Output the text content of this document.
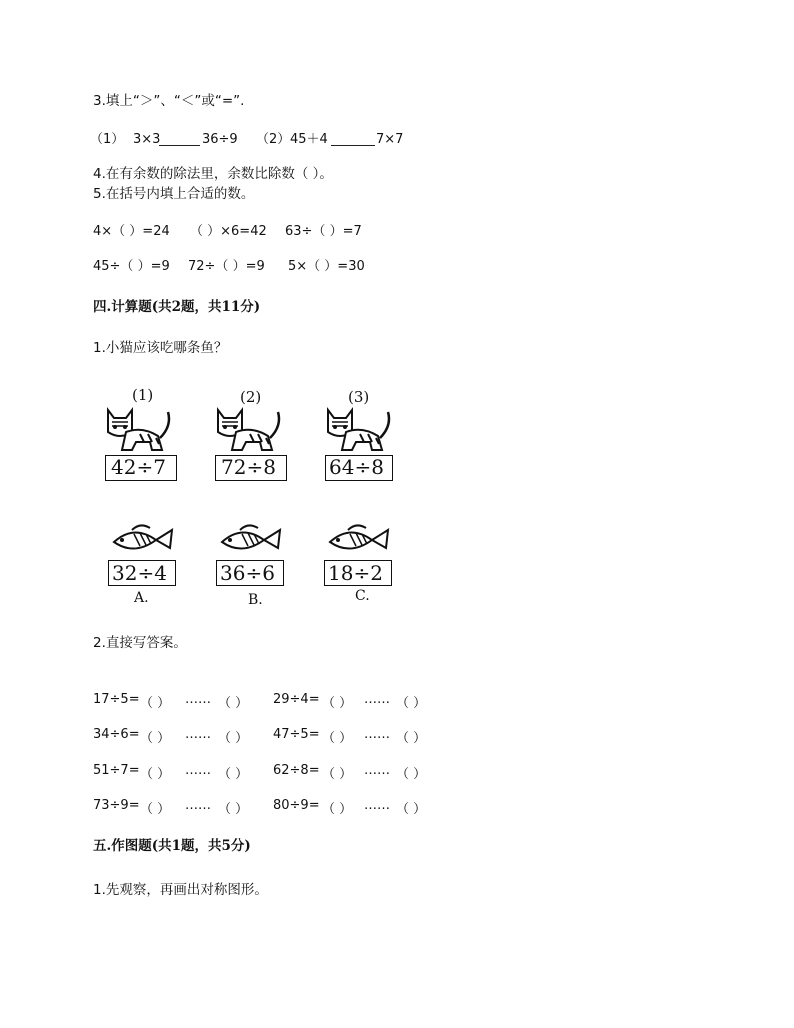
3.填上“＞”、“＜”或“=”.
（1） 3×3	36÷9 （2） 45＋4	7×7
4.在有余数的除法里，余数比除数（ ）。
5.在括号内填上合适的数。
4×（ ）=24 （ ）×6=42 63÷（ ）=7
45÷（ ）=9 72÷（ ）=9 5×（ ）=30
四.计算题(共2题，共11分)
1.小猫应该吃哪条鱼？
(1)
42÷7
(2)
72÷8
(3)
64÷8
32÷4
A.
36÷6
B.
18÷2
C.
2.直接写答案。
17÷5= （ ） …… （ ） 29÷4= （ ） …… （ ）
34÷6= （ ） …… （ ） 47÷5= （ ） …… （ ）
51÷7= （ ） …… （ ） 62÷8= （ ） …… （ ）
73÷9= （ ） …… （ ） 80÷9= （ ） …… （ ）
五.作图题(共1题，共5分)
1.先观察，再画出对称图形。
